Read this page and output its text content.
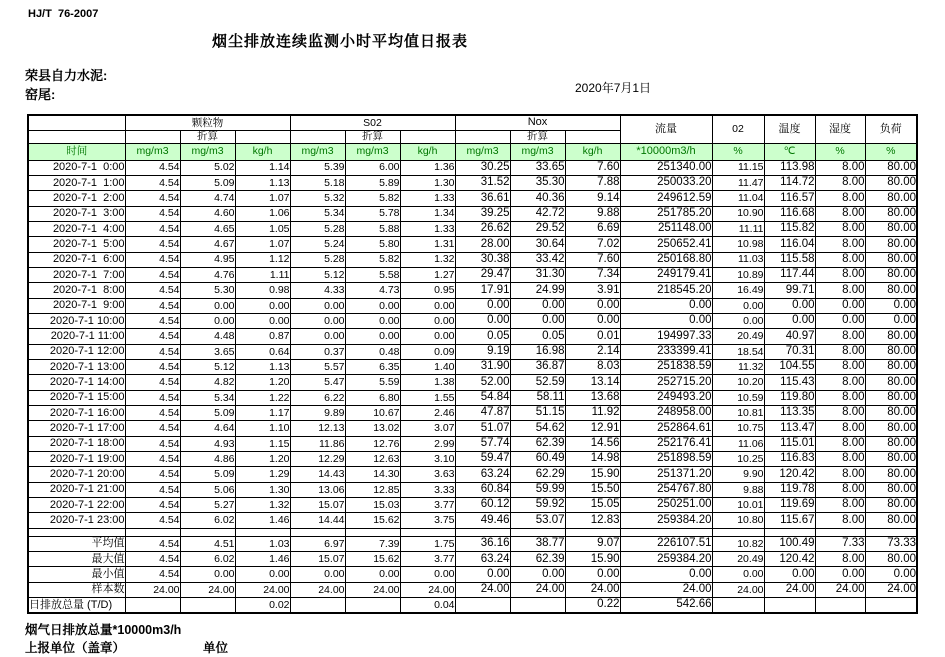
HJ/T  76-2007
烟尘排放连续监测小时平均值日报表
荣县自力水泥:
窑尾:	2020年7月1日
	颗粒物			S02			Nox			流量	02	温度	湿度	负荷
		折算			折算			折算						
时间	mg/m3	mg/m3	kg/h	mg/m3	mg/m3	kg/h	mg/m3	mg/m3	kg/h	*10000m3/h	%	℃	%	%
2020-7-1  0:00	4.54	5.02	1.14	5.39	6.00	1.36	30.25	33.65	7.60	251340.00	11.15	113.98	8.00	80.00
2020-7-1  1:00	4.54	5.09	1.13	5.18	5.89	1.30	31.52	35.30	7.88	250033.20	11.47	114.72	8.00	80.00
2020-7-1  2:00	4.54	4.74	1.07	5.32	5.82	1.33	36.61	40.36	9.14	249612.59	11.04	116.57	8.00	80.00
2020-7-1  3:00	4.54	4.60	1.06	5.34	5.78	1.34	39.25	42.72	9.88	251785.20	10.90	116.68	8.00	80.00
2020-7-1  4:00	4.54	4.65	1.05	5.28	5.88	1.33	26.62	29.52	6.69	251148.00	11.11	115.82	8.00	80.00
2020-7-1  5:00	4.54	4.67	1.07	5.24	5.80	1.31	28.00	30.64	7.02	250652.41	10.98	116.04	8.00	80.00
2020-7-1  6:00	4.54	4.95	1.12	5.28	5.82	1.32	30.38	33.42	7.60	250168.80	11.03	115.58	8.00	80.00
2020-7-1  7:00	4.54	4.76	1.11	5.12	5.58	1.27	29.47	31.30	7.34	249179.41	10.89	117.44	8.00	80.00
2020-7-1  8:00	4.54	5.30	0.98	4.33	4.73	0.95	17.91	24.99	3.91	218545.20	16.49	99.71	8.00	80.00
2020-7-1  9:00	4.54	0.00	0.00	0.00	0.00	0.00	0.00	0.00	0.00	0.00	0.00	0.00	0.00	0.00
2020-7-1 10:00	4.54	0.00	0.00	0.00	0.00	0.00	0.00	0.00	0.00	0.00	0.00	0.00	0.00	0.00
2020-7-1 11:00	4.54	4.48	0.87	0.00	0.00	0.00	0.05	0.05	0.01	194997.33	20.49	40.97	8.00	80.00
2020-7-1 12:00	4.54	3.65	0.64	0.37	0.48	0.09	9.19	16.98	2.14	233399.41	18.54	70.31	8.00	80.00
2020-7-1 13:00	4.54	5.12	1.13	5.57	6.35	1.40	31.90	36.87	8.03	251838.59	11.32	104.55	8.00	80.00
2020-7-1 14:00	4.54	4.82	1.20	5.47	5.59	1.38	52.00	52.59	13.14	252715.20	10.20	115.43	8.00	80.00
2020-7-1 15:00	4.54	5.34	1.22	6.22	6.80	1.55	54.84	58.11	13.68	249493.20	10.59	119.80	8.00	80.00
2020-7-1 16:00	4.54	5.09	1.17	9.89	10.67	2.46	47.87	51.15	11.92	248958.00	10.81	113.35	8.00	80.00
2020-7-1 17:00	4.54	4.64	1.10	12.13	13.02	3.07	51.07	54.62	12.91	252864.61	10.75	113.47	8.00	80.00
2020-7-1 18:00	4.54	4.93	1.15	11.86	12.76	2.99	57.74	62.39	14.56	252176.41	11.06	115.01	8.00	80.00
2020-7-1 19:00	4.54	4.86	1.20	12.29	12.63	3.10	59.47	60.49	14.98	251898.59	10.25	116.83	8.00	80.00
2020-7-1 20:00	4.54	5.09	1.29	14.43	14.30	3.63	63.24	62.29	15.90	251371.20	9.90	120.42	8.00	80.00
2020-7-1 21:00	4.54	5.06	1.30	13.06	12.85	3.33	60.84	59.99	15.50	254767.80	9.88	119.78	8.00	80.00
2020-7-1 22:00	4.54	5.27	1.32	15.07	15.03	3.77	60.12	59.92	15.05	250251.00	10.01	119.69	8.00	80.00
2020-7-1 23:00	4.54	6.02	1.46	14.44	15.62	3.75	49.46	53.07	12.83	259384.20	10.80	115.67	8.00	80.00

平均值	4.54	4.51	1.03	6.97	7.39	1.75	36.16	38.77	9.07	226107.51	10.82	100.49	7.33	73.33
最大值	4.54	6.02	1.46	15.07	15.62	3.77	63.24	62.39	15.90	259384.20	20.49	120.42	8.00	80.00
最小值	4.54	0.00	0.00	0.00	0.00	0.00	0.00	0.00	0.00	0.00	0.00	0.00	0.00	0.00
样本数	24.00	24.00	24.00	24.00	24.00	24.00	24.00	24.00	24.00	24.00	24.00	24.00	24.00	24.00
日排放总量 (T/D)			0.02			0.04			0.22	542.66				
烟气日排放总量*10000m3/h
上报单位（盖章）	单位
